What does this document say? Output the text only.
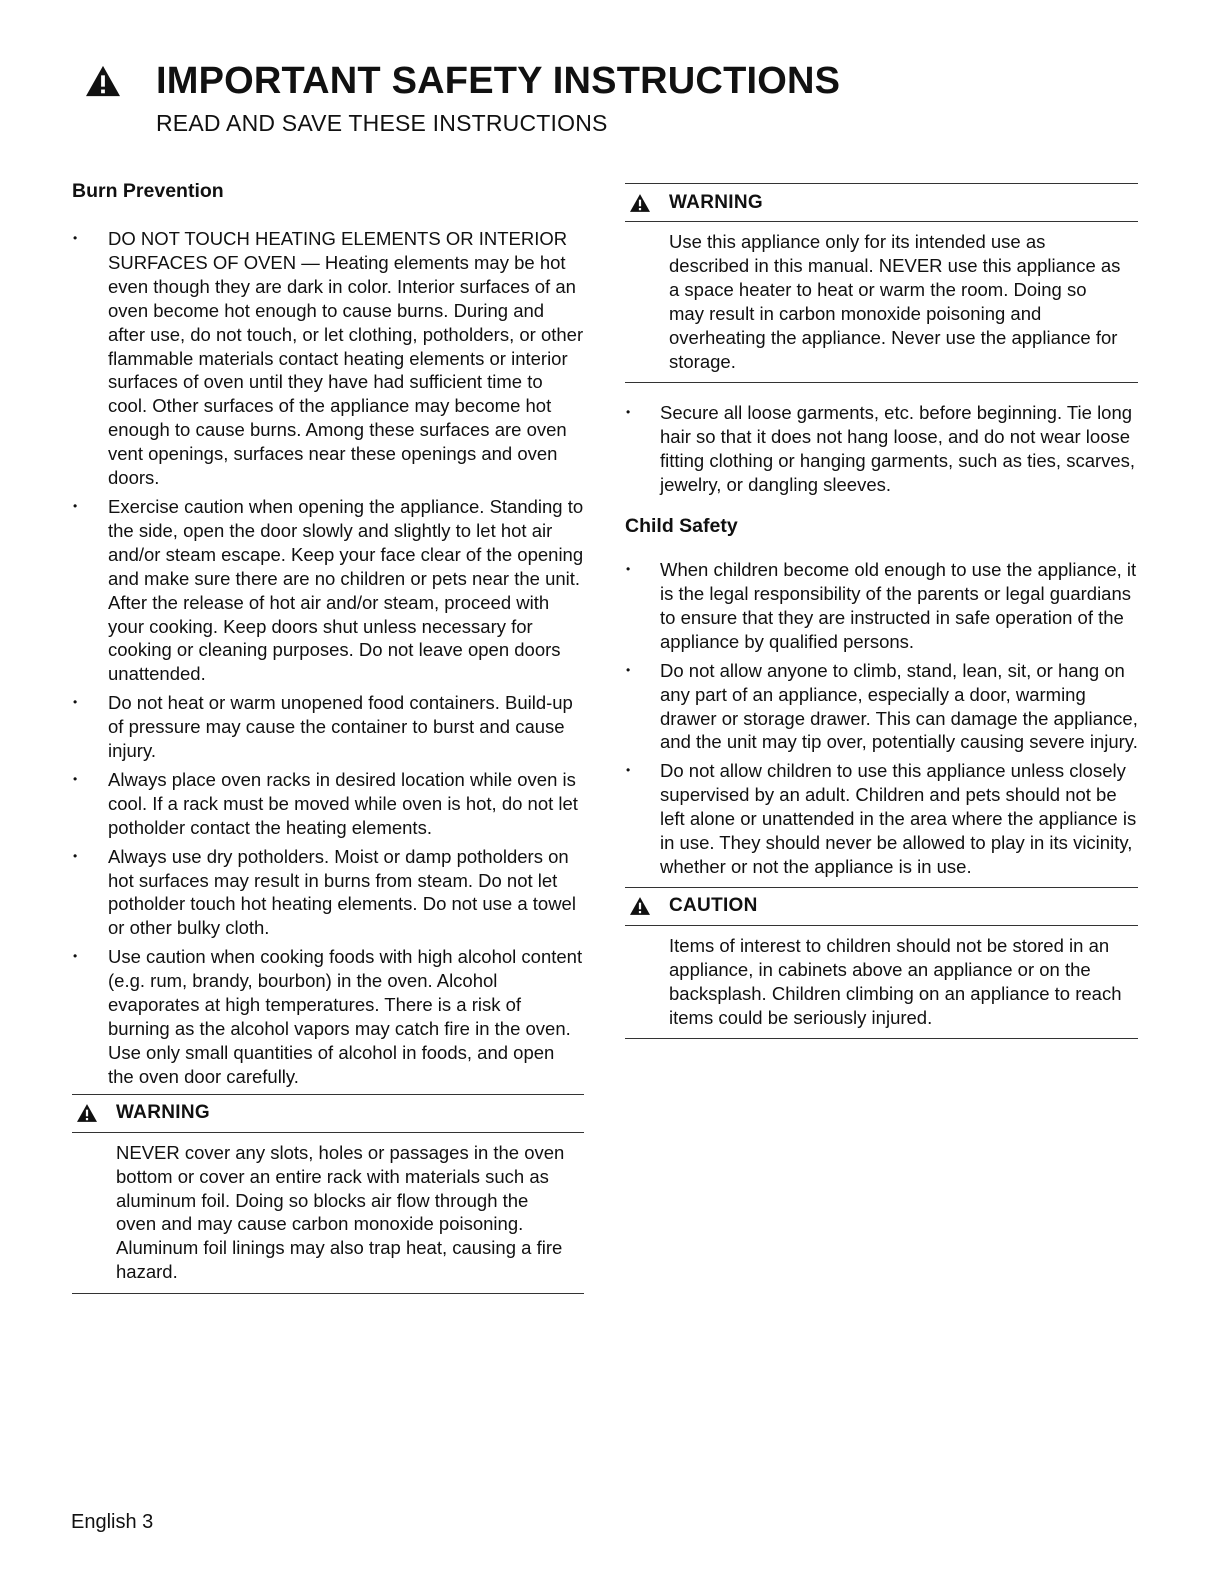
IMPORTANT SAFETY INSTRUCTIONS
READ AND SAVE THESE INSTRUCTIONS
Burn Prevention
• DO NOT TOUCH HEATING ELEMENTS OR INTERIOR SURFACES OF OVEN — Heating elements may be hot even though they are dark in color. Interior surfaces of an oven become hot enough to cause burns. During and after use, do not touch, or let clothing, potholders, or other flammable materials contact heating elements or interior surfaces of oven until they have had sufficient time to cool. Other surfaces of the appliance may become hot enough to cause burns. Among these surfaces are oven vent openings, surfaces near these openings and oven doors.
• Exercise caution when opening the appliance. Standing to the side, open the door slowly and slightly to let hot air and/or steam escape. Keep your face clear of the opening and make sure there are no children or pets near the unit. After the release of hot air and/or steam, proceed with your cooking. Keep doors shut unless necessary for cooking or cleaning purposes. Do not leave open doors unattended.
• Do not heat or warm unopened food containers. Build-up of pressure may cause the container to burst and cause injury.
• Always place oven racks in desired location while oven is cool. If a rack must be moved while oven is hot, do not let potholder contact the heating elements.
• Always use dry potholders. Moist or damp potholders on hot surfaces may result in burns from steam. Do not let potholder touch hot heating elements. Do not use a towel or other bulky cloth.
• Use caution when cooking foods with high alcohol content (e.g. rum, brandy, bourbon) in the oven. Alcohol evaporates at high temperatures. There is a risk of burning as the alcohol vapors may catch fire in the oven. Use only small quantities of alcohol in foods, and open the oven door carefully.
WARNING
NEVER cover any slots, holes or passages in the oven bottom or cover an entire rack with materials such as aluminum foil. Doing so blocks air flow through the oven and may cause carbon monoxide poisoning. Aluminum foil linings may also trap heat, causing a fire hazard.
WARNING
Use this appliance only for its intended use as described in this manual. NEVER use this appliance as a space heater to heat or warm the room. Doing so may result in carbon monoxide poisoning and overheating the appliance. Never use the appliance for storage.
• Secure all loose garments, etc. before beginning. Tie long hair so that it does not hang loose, and do not wear loose fitting clothing or hanging garments, such as ties, scarves, jewelry, or dangling sleeves.
Child Safety
• When children become old enough to use the appliance, it is the legal responsibility of the parents or legal guardians to ensure that they are instructed in safe operation of the appliance by qualified persons.
• Do not allow anyone to climb, stand, lean, sit, or hang on any part of an appliance, especially a door, warming drawer or storage drawer. This can damage the appliance, and the unit may tip over, potentially causing severe injury.
• Do not allow children to use this appliance unless closely supervised by an adult. Children and pets should not be left alone or unattended in the area where the appliance is in use. They should never be allowed to play in its vicinity, whether or not the appliance is in use.
CAUTION
Items of interest to children should not be stored in an appliance, in cabinets above an appliance or on the backsplash. Children climbing on an appliance to reach items could be seriously injured.
English 3
